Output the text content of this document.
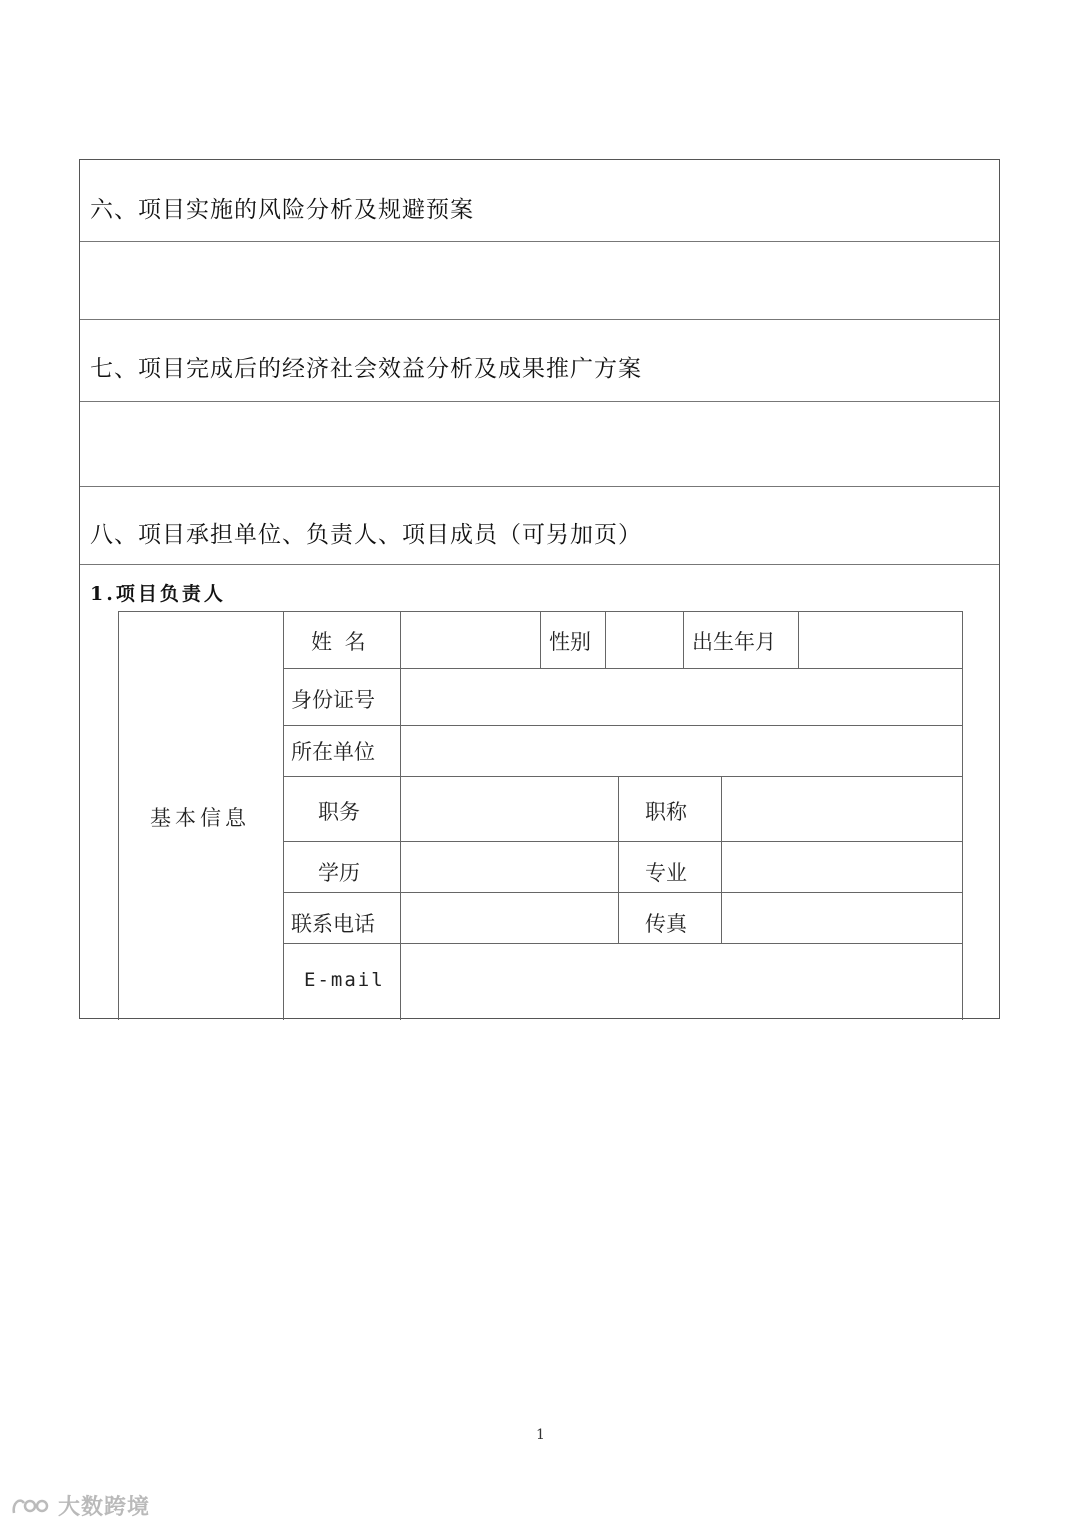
六、项目实施的风险分析及规避预案
七、项目完成后的经济社会效益分析及成果推广方案
八、项目承担单位、负责人、项目成员（可另加页）
1.项目负责人
基本信息
姓 名	性别	出生年月
身份证号
所在单位
职务	职称
学历	专业
联系电话	传真
E-mail
1
大数跨境
